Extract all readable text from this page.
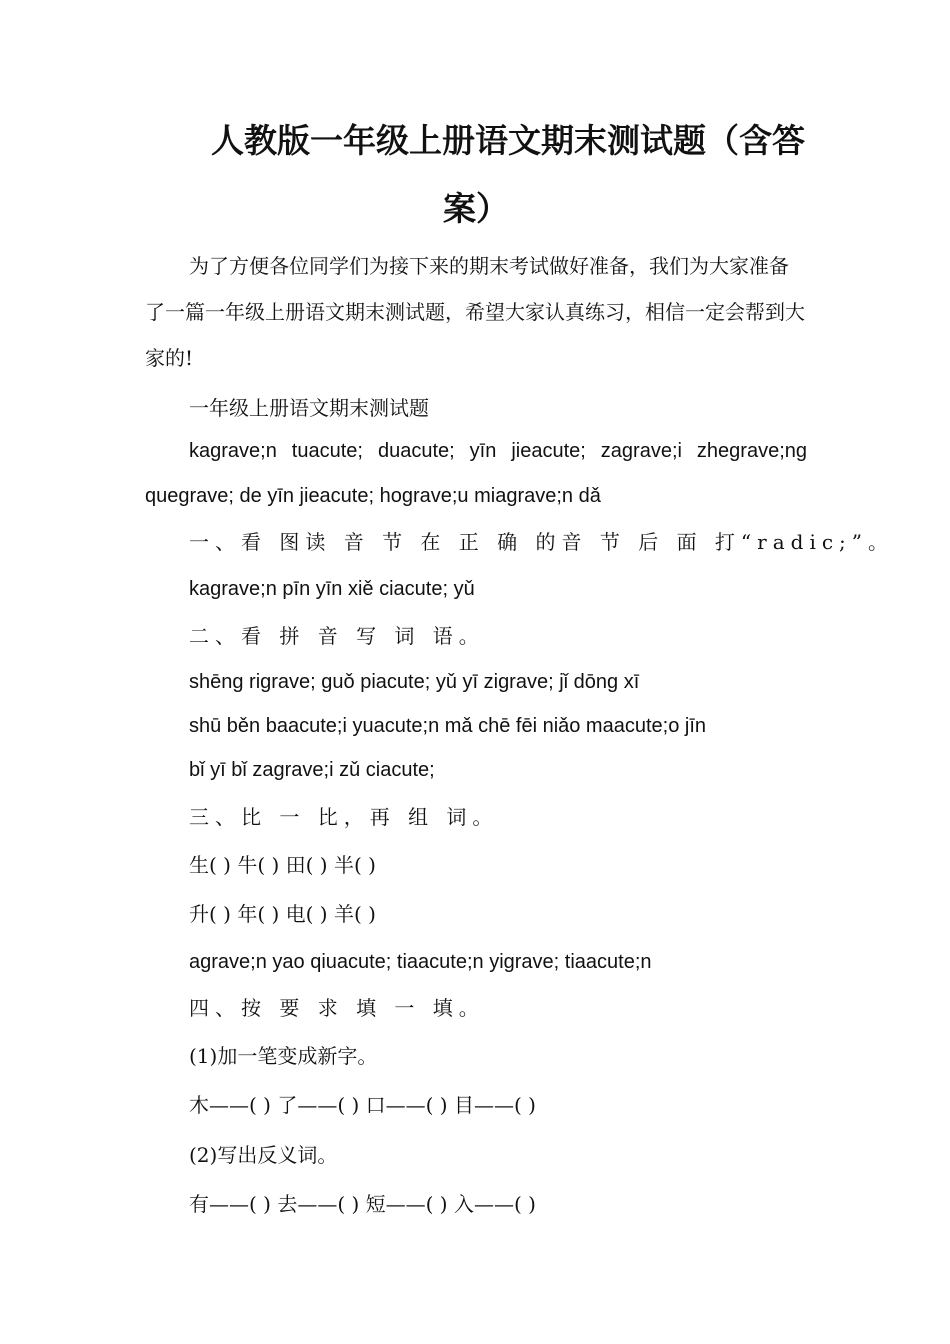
人教版一年级上册语文期末测试题（含答
案）

为了方便各位同学们为接下来的期末考试做好准备，我们为大家准备了一篇一年级上册语文期末测试题，希望大家认真练习，相信一定会帮到大家的!

一年级上册语文期末测试题

kagrave;n tuacute; duacute; yīn jieacute; zagrave;i zhegrave;ng

quegrave; de yīn jieacute; hograve;u miagrave;n dǎ

一、看 图读 音 节 在 正 确 的音 节 后 面 打“radic;”。

kagrave;n pīn yīn xiě ciacute; yǔ

二、看 拼 音 写 词 语。

shēng rigrave; guǒ piacute; yǔ yī zigrave; jǐ dōng xī

shū běn baacute;i yuacute;n mǎ chē fēi niǎo maacute;o jīn

bǐ yī bǐ zagrave;i zǔ ciacute;

三、比 一 比，再 组 词。

生( ) 牛( ) 田( ) 半( )

升( ) 年( ) 电( ) 羊( )

agrave;n yao qiuacute; tiaacute;n yigrave; tiaacute;n

四、按 要 求 填 一 填。

(1)加一笔变成新字。

木——( ) 了——( ) 口——( ) 目——( )

(2)写出反义词。

有——( ) 去——( ) 短——( ) 入——( )
